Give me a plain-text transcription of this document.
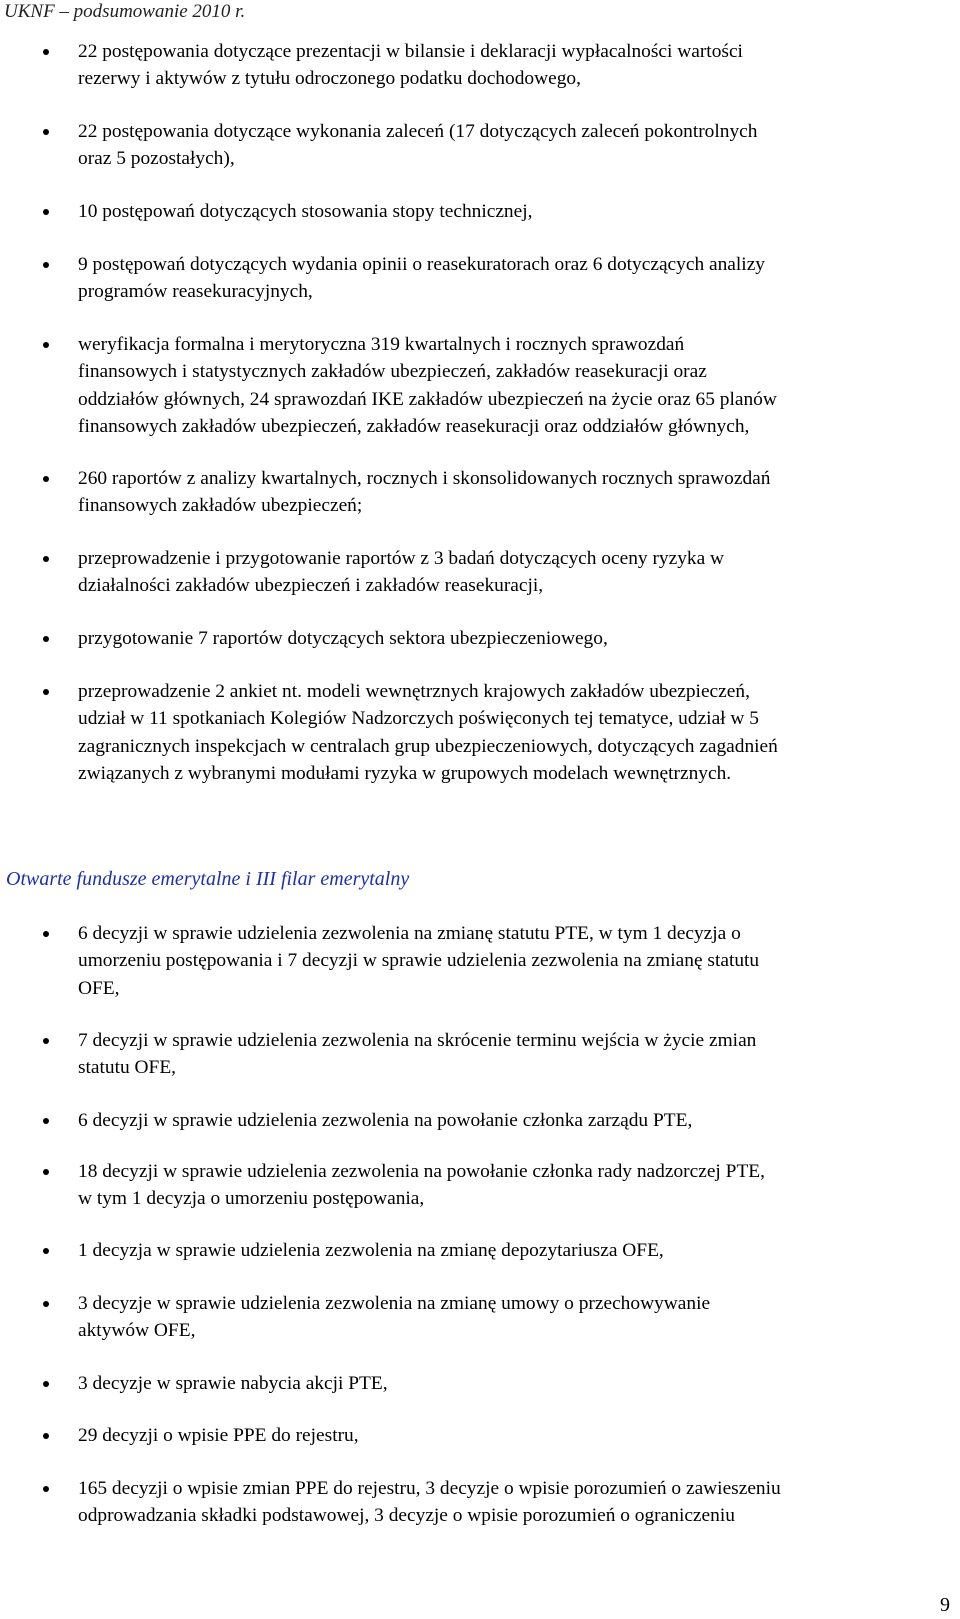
UKNF – podsumowanie 2010 r.
22 postępowania dotyczące prezentacji w bilansie i deklaracji wypłacalności wartości
rezerwy i aktywów z tytułu odroczonego podatku dochodowego,
22 postępowania dotyczące wykonania zaleceń (17 dotyczących zaleceń pokontrolnych
oraz 5 pozostałych),
10 postępowań dotyczących stosowania stopy technicznej,
9 postępowań dotyczących wydania opinii o reasekuratorach oraz 6 dotyczących analizy
programów reasekuracyjnych,
weryfikacja formalna i merytoryczna 319 kwartalnych i rocznych sprawozdań
finansowych i statystycznych zakładów ubezpieczeń, zakładów reasekuracji oraz
oddziałów głównych, 24 sprawozdań IKE zakładów ubezpieczeń na życie oraz 65 planów
finansowych zakładów ubezpieczeń, zakładów reasekuracji oraz oddziałów głównych,
260 raportów z analizy kwartalnych, rocznych i skonsolidowanych rocznych sprawozdań
finansowych zakładów ubezpieczeń;
przeprowadzenie i przygotowanie raportów z 3 badań dotyczących oceny ryzyka w
działalności zakładów ubezpieczeń i zakładów reasekuracji,
przygotowanie 7 raportów dotyczących sektora ubezpieczeniowego,
przeprowadzenie 2 ankiet nt. modeli wewnętrznych krajowych zakładów ubezpieczeń,
udział w 11 spotkaniach Kolegiów Nadzorczych poświęconych tej tematyce, udział w 5
zagranicznych inspekcjach w centralach grup ubezpieczeniowych, dotyczących zagadnień
związanych z wybranymi modułami ryzyka w grupowych modelach wewnętrznych.
Otwarte fundusze emerytalne i III filar emerytalny
6 decyzji w sprawie udzielenia zezwolenia na zmianę statutu PTE, w tym 1 decyzja o
umorzeniu postępowania i 7 decyzji w sprawie udzielenia zezwolenia na zmianę statutu
OFE,
7 decyzji w sprawie udzielenia zezwolenia na skrócenie terminu wejścia w życie zmian
statutu OFE,
6 decyzji w sprawie udzielenia zezwolenia na powołanie członka zarządu PTE,
18 decyzji w sprawie udzielenia zezwolenia na powołanie członka rady nadzorczej PTE,
w tym 1 decyzja o umorzeniu postępowania,
1 decyzja w sprawie udzielenia zezwolenia na zmianę depozytariusza OFE,
3 decyzje w sprawie udzielenia zezwolenia na zmianę umowy o przechowywanie
aktywów OFE,
3 decyzje w sprawie nabycia akcji PTE,
29 decyzji o wpisie PPE do rejestru,
165 decyzji o wpisie zmian PPE do rejestru, 3 decyzje o wpisie porozumień o zawieszeniu
odprowadzania składki podstawowej, 3 decyzje o wpisie porozumień o ograniczeniu
9
